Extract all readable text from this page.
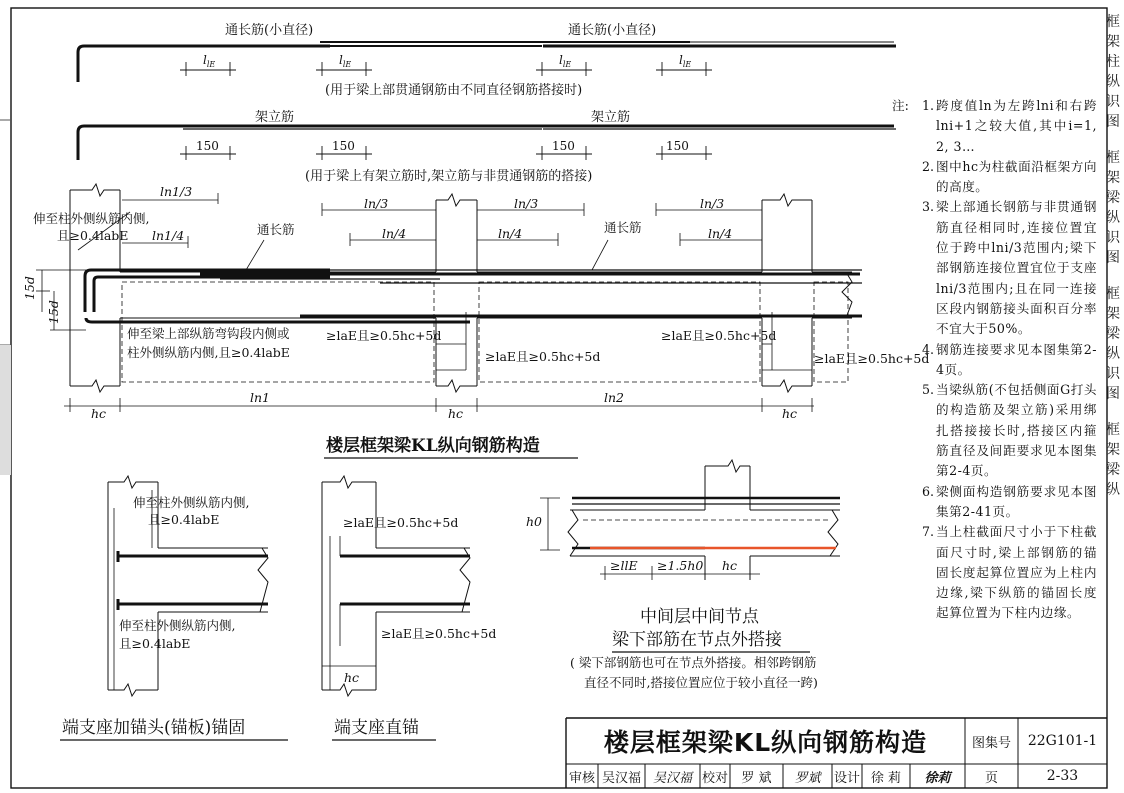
通长筋(小直径)	通长筋(小直径)
$l_{lE}$	$l_{lE}$	$l_{lE}$	$l_{lE}$
(用于梁上部贯通钢筋由不同直径钢筋搭接时)
架立筋	架立筋
150	150	150	150
(用于梁上有架立筋时,架立筋与非贯通钢筋的搭接)
ln1/3
ln1/4
ln/3
ln/4
ln/3
ln/4
ln/3
ln/4
通长筋	通长筋
伸至柱外侧纵筋内侧,
且≥0.4labE
伸至梁上部纵筋弯钩段内侧或
柱外侧纵筋内侧,且≥0.4labE
≥laE且≥0.5hc+5d
≥laE且≥0.5hc+5d
≥laE且≥0.5hc+5d
≥laE且≥0.5hc+5d
hc	hc	hc
ln1	ln2
15d
15d
伸至柱外侧纵筋内侧,
且≥0.4labE
伸至柱外侧纵筋内侧,
且≥0.4labE
端支座加锚头(锚板)锚固
≥laE且≥0.5hc+5d
≥laE且≥0.5hc+5d
hc
端支座直锚
h0
≥llE ≥1.5h0 hc
中间层中间节点
梁下部筋在节点外搭接
( 梁下部钢筋也可在节点外搭接。相邻跨钢筋
直径不同时,搭接位置应位于较小直径一跨)
楼层框架梁KL纵向钢筋构造
注:	1. 跨度值ln为左跨lni和右跨lni+1之较大值,其中i=1, 2, 3…
2. 图中hc为柱截面沿框架方向的高度。
3. 梁上部通长钢筋与非贯通钢筋直径相同时,连接位置宜位于跨中lni/3范围内;梁下部钢筋连接位置宜位于支座lni/3范围内;且在同一连接区段内钢筋接头面积百分率不宜大于50%。
4. 钢筋连接要求见本图集第2-4页。
5. 当梁纵筋(不包括侧面G打头的构造筋及架立筋)采用绑扎搭接接长时,搭接区内箍筋直径及间距要求见本图集第2-4页。
6. 梁侧面构造钢筋要求见本图集第2-41页。
7. 当上柱截面尺寸小于下柱截面尺寸时,梁上部钢筋的锚固长度起算位置应为上柱内边缘,梁下纵筋的锚固长度起算位置为下柱内边缘。
框
架
柱
纵
识
图
框
架
梁
纵
识
图
框
架
梁
纵
识
图
框
架
梁
纵
楼层框架梁KL纵向钢筋构造	图集号	22G101-1
审核 吴汉福 吴汉福 校对	罗 斌	罗斌	设计 徐 莉	徐莉	页	2-33
